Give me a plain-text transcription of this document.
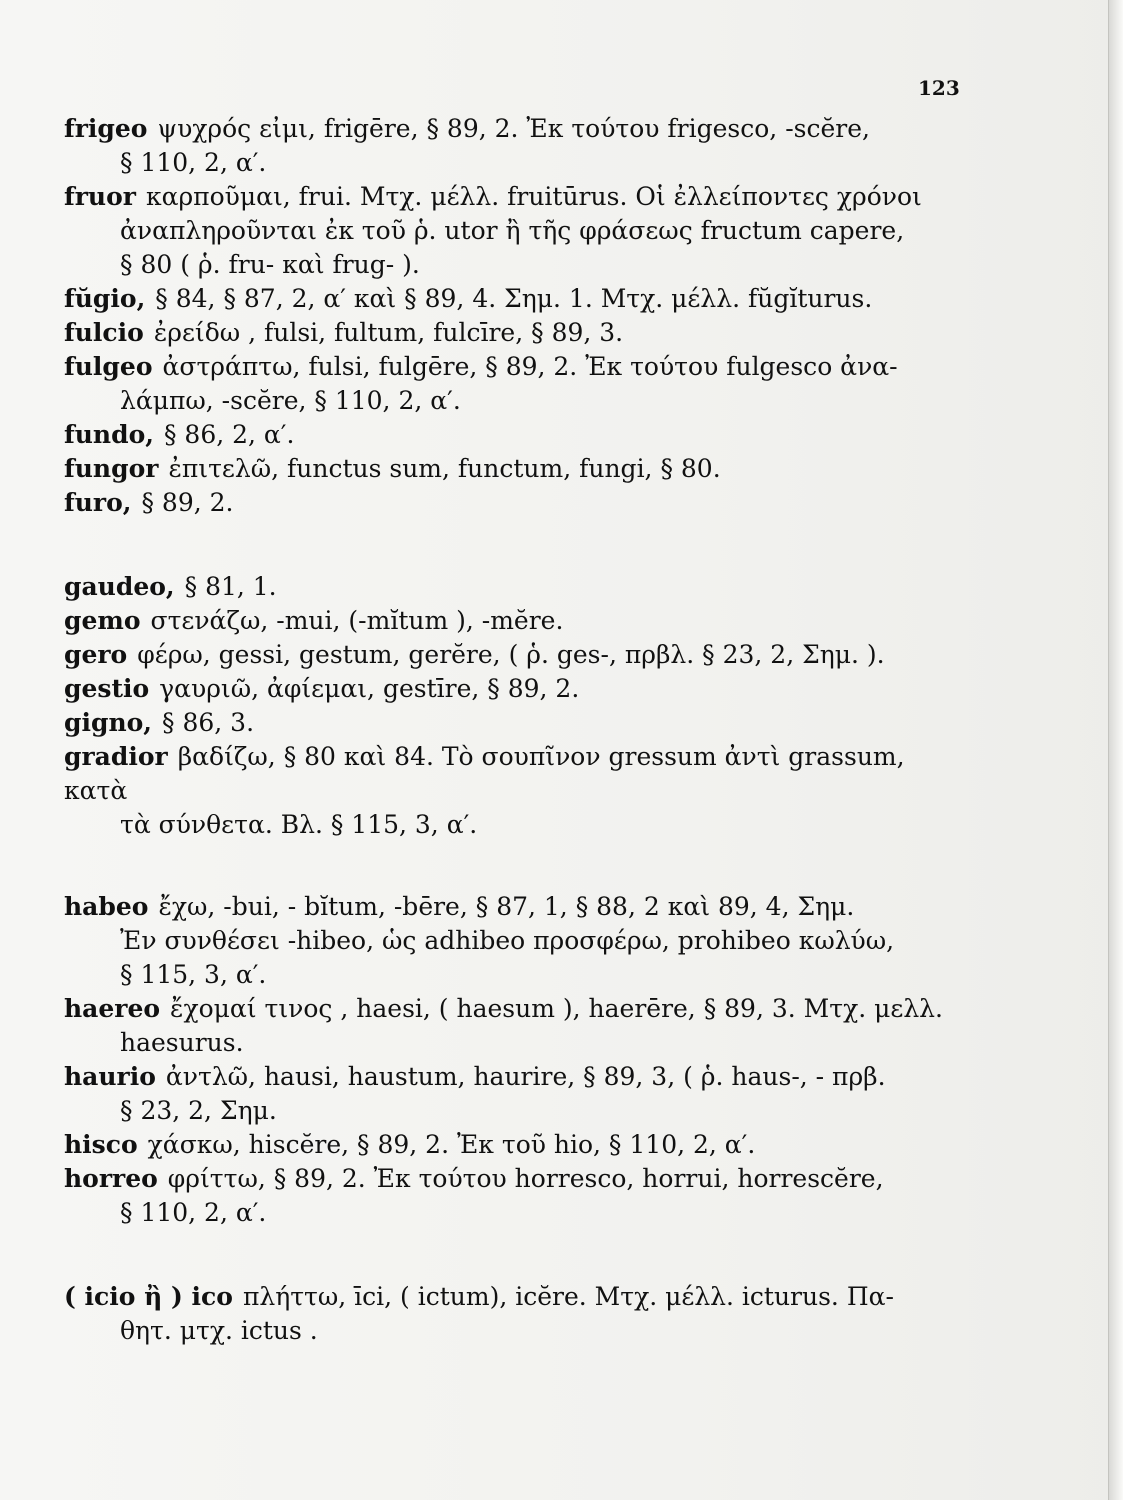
123

frigeo ψυχρός εἰμι, frigēre, § 89, 2. Ἐκ τούτου frigesco, -scĕre,
§ 110, 2, α′.

fruor καρποῦμαι, frui. Μτχ. μέλλ. fruitūrus. Οἱ ἐλλείποντες χρόνοι
ἀναπληροῦνται ἐκ τοῦ ῥ. utor ἢ τῆς φράσεως fructum capere,
§ 80 ( ῥ. fru- καὶ frug- ).

fŭgio, § 84, § 87, 2, α′ καὶ § 89, 4. Σημ. 1. Μτχ. μέλλ. fŭgĭturus.

fulcio ἐρείδω , fulsi, fultum, fulcīre, § 89, 3.

fulgeo ἀστράπτω, fulsi, fulgēre, § 89, 2. Ἐκ τούτου fulgesco ἀνα-
λάμπω, -scĕre, § 110, 2, α′.

fundo, § 86, 2, α′.

fungor ἐπιτελῶ, functus sum, functum, fungi, § 80.

furo, § 89, 2.

gaudeo, § 81, 1.

gemo στενάζω, -mui, (-mĭtum ), -mĕre.

gero φέρω, gessi, gestum, gerĕre, ( ῥ. ges-, πρβλ. § 23, 2, Σημ. ).

gestio γαυριῶ, ἀφίεμαι, gestīre, § 89, 2.

gigno, § 86, 3.

gradior βαδίζω, § 80 καὶ 84. Τὸ σουπῖνον gressum ἀντὶ grassum, κατὰ
τὰ σύνθετα. Βλ. § 115, 3, α′.

habeo ἔχω, -bui, - bĭtum, -bēre, § 87, 1, § 88, 2 καὶ 89, 4, Σημ.
Ἐν συνθέσει -hibeo, ὡς adhibeo προσφέρω, prohibeo κωλύω,
§ 115, 3, α′.

haereo ἔχομαί τινος , haesi, ( haesum ), haerēre, § 89, 3. Μτχ. μελλ.
haesurus.

haurio ἀντλῶ, hausi, haustum, haurire, § 89, 3, ( ῥ. haus-, - πρβ.
§ 23, 2, Σημ.

hisco χάσκω, hiscĕre, § 89, 2. Ἐκ τοῦ hio, § 110, 2, α′.

horreo φρίττω, § 89, 2. Ἐκ τούτου horresco, horrui, horrescĕre,
§ 110, 2, α′.

( icio ἢ ) ico πλήττω, īci, ( ictum), icĕre. Μτχ. μέλλ. icturus. Πα-
θητ. μτχ. ictus .
